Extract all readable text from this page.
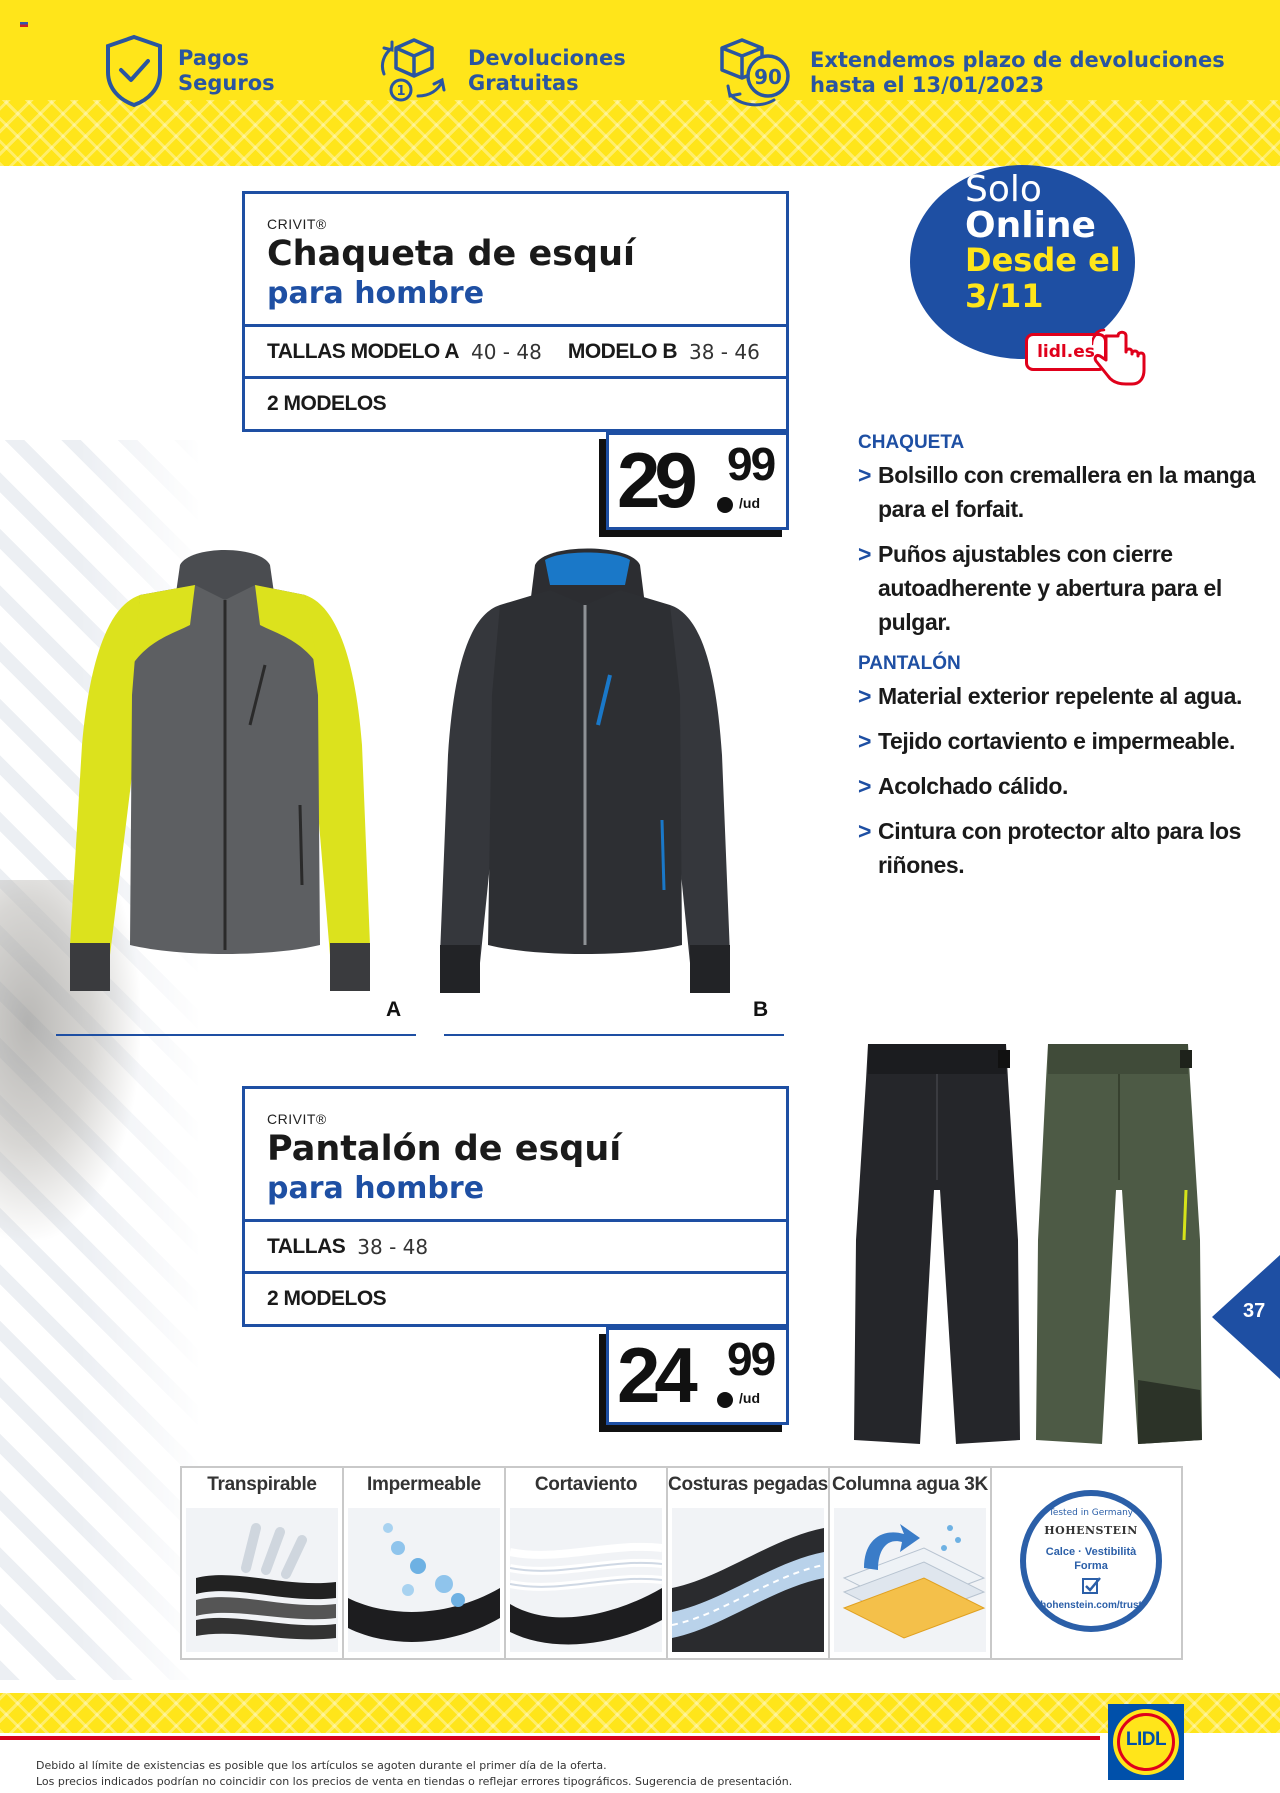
Pagos
Seguros	1
Devoluciones
Gratuitas	90
Extendemos plazo de devoluciones
hasta el 13/01/2023
Solo
Online
Desde el
3/11
lidl.es
CRIVIT®
Chaqueta de esquí
para hombre
TALLAS MODELO A 40 - 48 MODELO B 38 - 46
2 MODELOS
29 99
/ud
CHAQUETA
> Bolsillo con cremallera en la manga para el forfait.
> Puños ajustables con cierre autoadherente y abertura para el pulgar.
PANTALÓN
> Material exterior repelente al agua.
> Tejido cortaviento e impermeable.
> Acolchado cálido.
> Cintura con protector alto para los riñones.
A	B
CRIVIT®
Pantalón de esquí
para hombre
TALLAS 38 - 48
2 MODELOS
24 99
/ud
37
Transpirable	Impermeable	Cortaviento	Costuras pegadas Columna agua 3K
Tested in Germany
HOHENSTEIN
Calce · Vestibilità
Forma
hohenstein.com/trust
Debido al límite de existencias es posible que los artículos se agoten durante el primer día de la oferta.
Los precios indicados podrían no coincidir con los precios de venta en tiendas o reflejar errores tipográficos. Sugerencia de presentación.
LIDL
